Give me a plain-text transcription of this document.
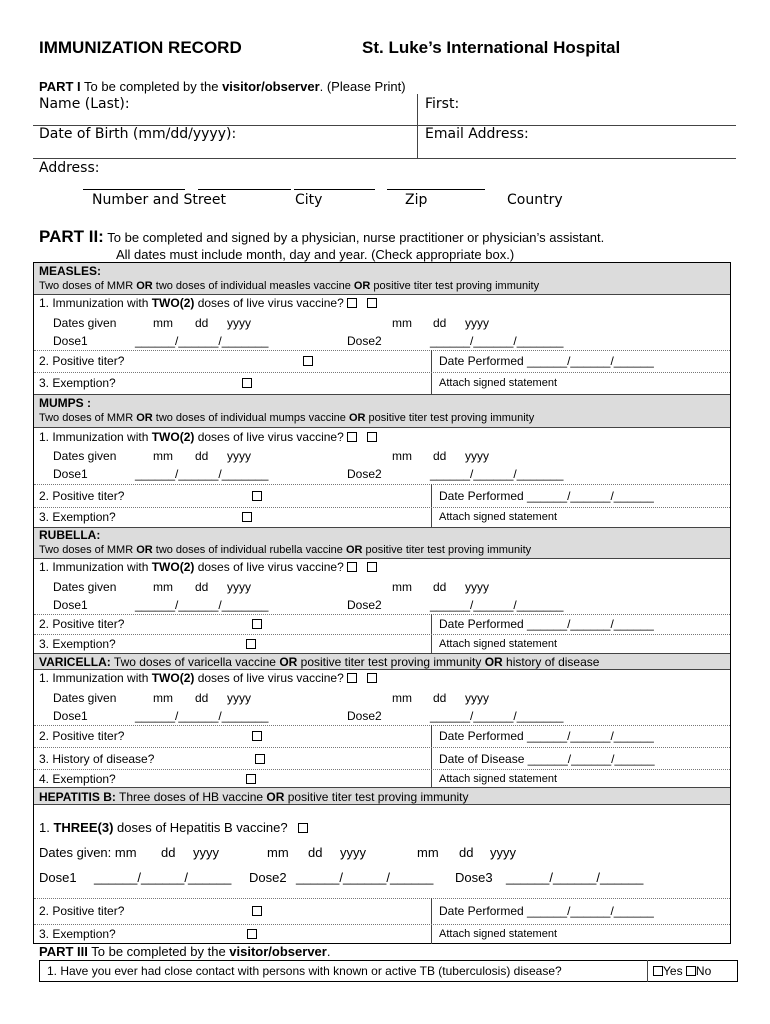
IMMUNIZATION RECORD	St. Luke’s International Hospital
PART I To be completed by the visitor/observer. (Please Print)
Name (Last):	First:
Date of Birth (mm/dd/yyyy):	Email Address:
Address:
Number and Street	City	Zip	Country
PART II: To be completed and signed by a physician, nurse practitioner or physician’s assistant.
All dates must include month, day and year. (Check appropriate box.)
MEASLES:
Two doses of MMR OR two doses of individual measles vaccine OR positive titer test proving immunity
1. Immunization with TWO(2) doses of live virus vaccine?
Dates given	mm dd yyyy	mm dd yyyy
Dose1	______/______/_______	Dose2	______/______/_______
2. Positive titer?	Date Performed ______/______/______
3. Exemption?	Attach signed statement
MUMPS :
Two doses of MMR OR two doses of individual mumps vaccine OR positive titer test proving immunity
1. Immunization with TWO(2) doses of live virus vaccine?
Dates given	mm dd yyyy	mm dd yyyy
Dose1	______/______/_______	Dose2	______/______/_______
2. Positive titer?	Date Performed ______/______/______
3. Exemption?	Attach signed statement
RUBELLA:
Two doses of MMR OR two doses of individual rubella vaccine OR positive titer test proving immunity
1. Immunization with TWO(2) doses of live virus vaccine?
Dates given	mm dd yyyy	mm dd yyyy
Dose1	______/______/_______	Dose2	______/______/_______
2. Positive titer?	Date Performed ______/______/______
3. Exemption?	Attach signed statement
VARICELLA: Two doses of varicella vaccine OR positive titer test proving immunity OR history of disease
1. Immunization with TWO(2) doses of live virus vaccine?
Dates given	mm dd yyyy	mm dd yyyy
Dose1	______/______/_______	Dose2	______/______/_______
2. Positive titer?	Date Performed ______/______/______
3. History of disease?	Date of Disease ______/______/______
4. Exemption?	Attach signed statement
HEPATITIS B: Three doses of HB vaccine OR positive titer test proving immunity
1. THREE(3) doses of Hepatitis B vaccine?
Dates given: mm dd yyyy	mm dd yyyy	mm dd yyyy
Dose1 ______/______/______ Dose2 ______/______/______ Dose3 ______/______/______
2. Positive titer?	Date Performed ______/______/______
3. Exemption?	Attach signed statement
PART III To be completed by the visitor/observer.
1. Have you ever had close contact with persons with known or active TB (tuberculosis) disease?	Yes No
